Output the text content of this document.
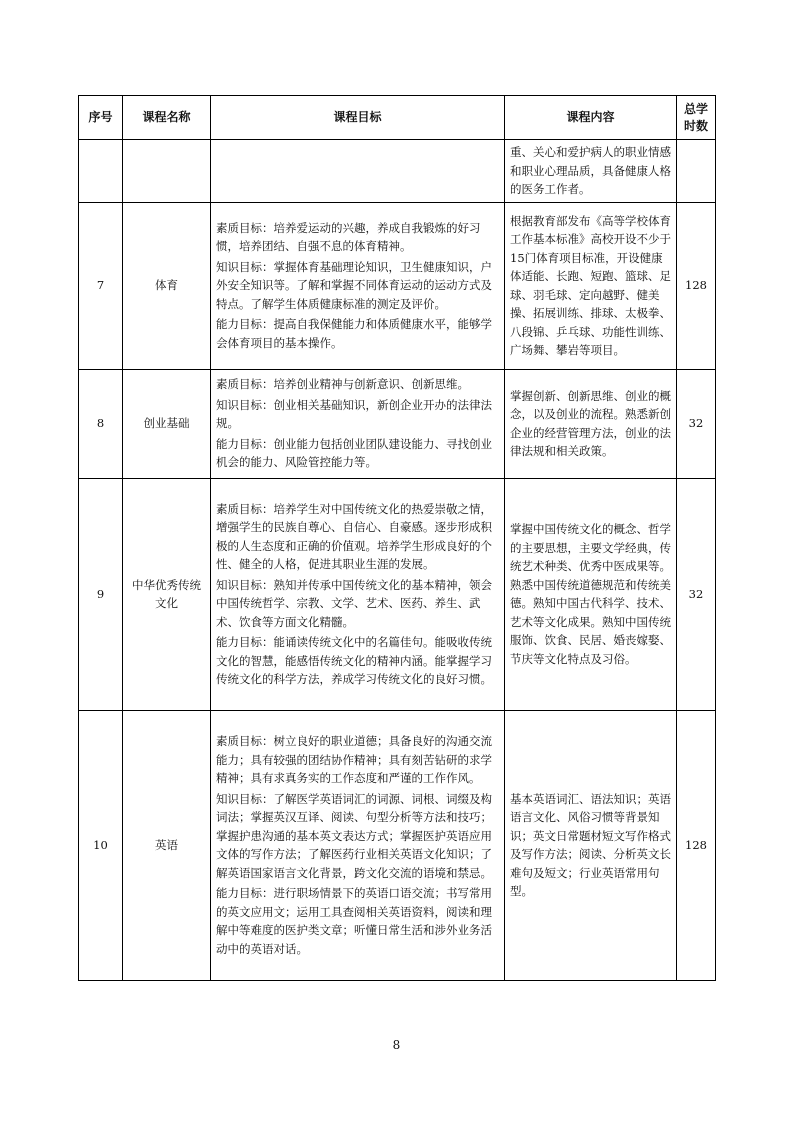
序号	课程名称	课程目标	课程内容	总学时数
			重、关心和爱护病人的职业情感和职业心理品质，具备健康人格的医务工作者。	
7	体育	素质目标：培养爱运动的兴趣，养成自我锻炼的好习惯，培养团结、自强不息的体育精神。

知识目标：掌握体育基础理论知识，卫生健康知识，户外安全知识等。了解和掌握不同体育运动的运动方式及特点。了解学生体质健康标准的测定及评价。

能力目标：提高自我保健能力和体质健康水平，能够学会体育项目的基本操作。	根据教育部发布《高等学校体育工作基本标准》高校开设不少于15门体育项目标准，开设健康体适能、长跑、短跑、篮球、足球、羽毛球、定向越野、健美操、拓展训练、排球、太极拳、八段锦、乒乓球、功能性训练、广场舞、攀岩等项目。	128
8	创业基础	素质目标：培养创业精神与创新意识、创新思维。

知识目标：创业相关基础知识，新创企业开办的法律法规。

能力目标：创业能力包括创业团队建设能力、寻找创业机会的能力、风险管控能力等。	掌握创新、创新思维、创业的概念，以及创业的流程。熟悉新创企业的经营管理方法，创业的法律法规和相关政策。	32
9	中华优秀传统文化	素质目标：培养学生对中国传统文化的热爱崇敬之情，增强学生的民族自尊心、自信心、自豪感。逐步形成积极的人生态度和正确的价值观。培养学生形成良好的个性、健全的人格，促进其职业生涯的发展。

知识目标：熟知并传承中国传统文化的基本精神，领会中国传统哲学、宗教、文学、艺术、医药、养生、武术、饮食等方面文化精髓。

能力目标：能诵读传统文化中的名篇佳句。能吸收传统文化的智慧，能感悟传统文化的精神内涵。能掌握学习传统文化的科学方法，养成学习传统文化的良好习惯。	掌握中国传统文化的概念、哲学的主要思想，主要文学经典，传统艺术种类、优秀中医成果等。熟悉中国传统道德规范和传统美德。熟知中国古代科学、技术、艺术等文化成果。熟知中国传统服饰、饮食、民居、婚丧嫁娶、节庆等文化特点及习俗。	32
10	英语	素质目标：树立良好的职业道德；具备良好的沟通交流能力；具有较强的团结协作精神；具有刻苦钻研的求学精神；具有求真务实的工作态度和严谨的工作作风。

知识目标：了解医学英语词汇的词源、词根、词缀及构词法；掌握英汉互译、阅读、句型分析等方法和技巧；掌握护患沟通的基本英文表达方式；掌握医护英语应用文体的写作方法；了解医药行业相关英语文化知识；了解英语国家语言文化背景，跨文化交流的语境和禁忌。

能力目标：进行职场情景下的英语口语交流；书写常用的英文应用文；运用工具查阅相关英语资料，阅读和理解中等难度的医护类文章；听懂日常生活和涉外业务活动中的英语对话。	基本英语词汇、语法知识；英语语言文化、风俗习惯等背景知识；英文日常题材短文写作格式及写作方法；阅读、分析英文长难句及短文；行业英语常用句型。	128
8
